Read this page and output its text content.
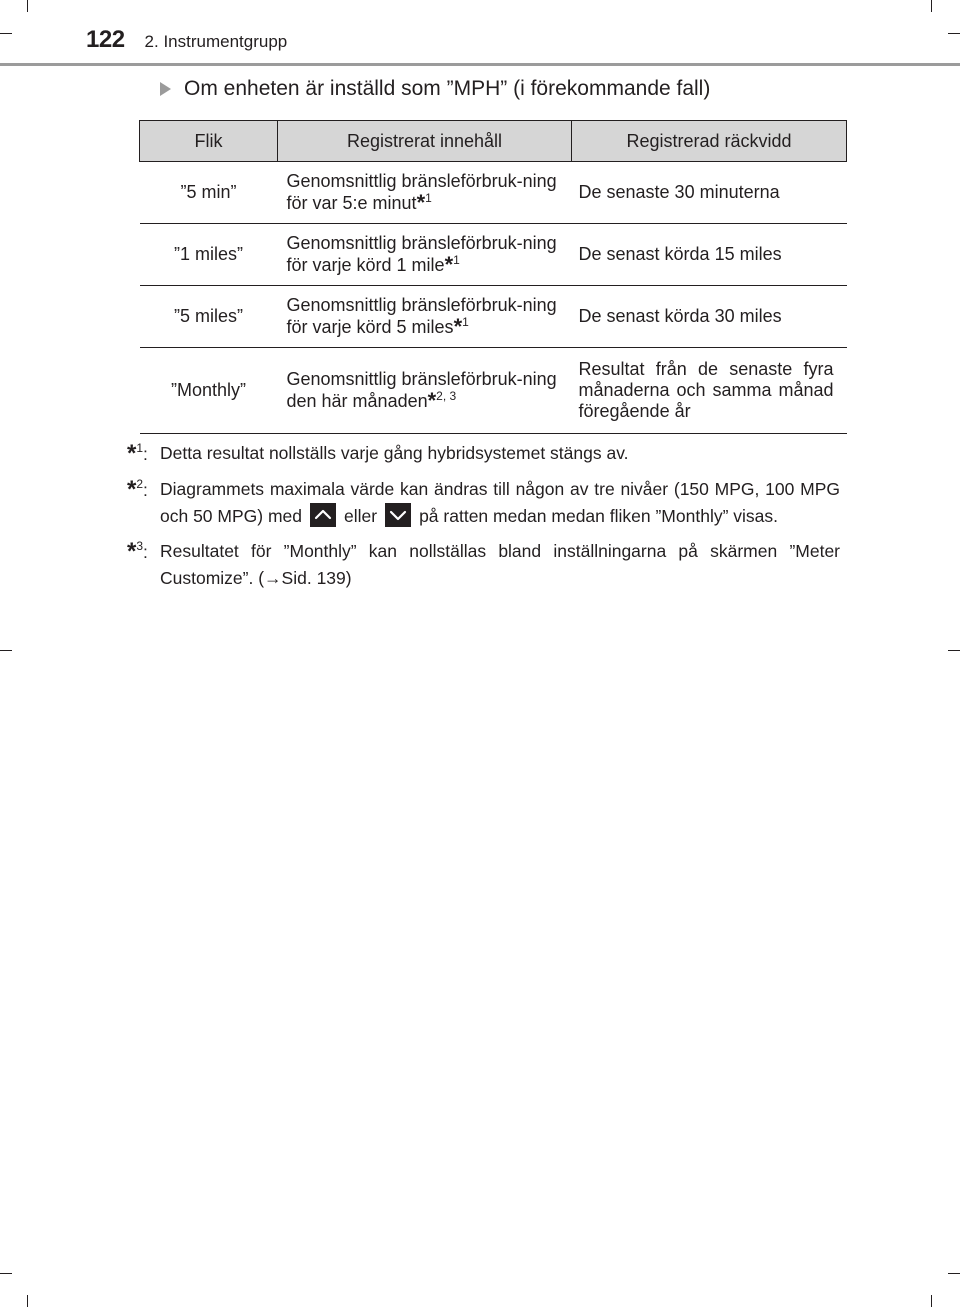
122 2. Instrumentgrupp
Om enheten är inställd som ”MPH” (i förekommande fall)
Flik	Registrerat innehåll	Registrerad räckvidd
”5 min”	Genomsnittlig bränsleförbruk-ning för var 5:e minut*$^1$	De senaste 30 minuterna
”1 miles”	Genomsnittlig bränsleförbruk-ning för varje körd 1 mile*$^1$	De senast körda 15 miles
”5 miles”	Genomsnittlig bränsleförbruk-ning för varje körd 5 miles*$^1$	De senast körda 30 miles
”Monthly”	Genomsnittlig bränsleförbruk-ning den här månaden*$^{2, 3}$	Resultat från de senaste fyra månaderna och samma månad föregående år
*$^1$: Detta resultat nollställs varje gång hybridsystemet stängs av.
*$^2$: Diagrammets maximala värde kan ändras till någon av tre nivåer (150 MPG, 100 MPG och 50 MPG) med eller på ratten medan medan fliken ”Monthly” visas.
*$^3$: Resultatet för ”Monthly” kan nollställas bland inställningarna på skärmen ”Meter Customize”. (→Sid. 139)
